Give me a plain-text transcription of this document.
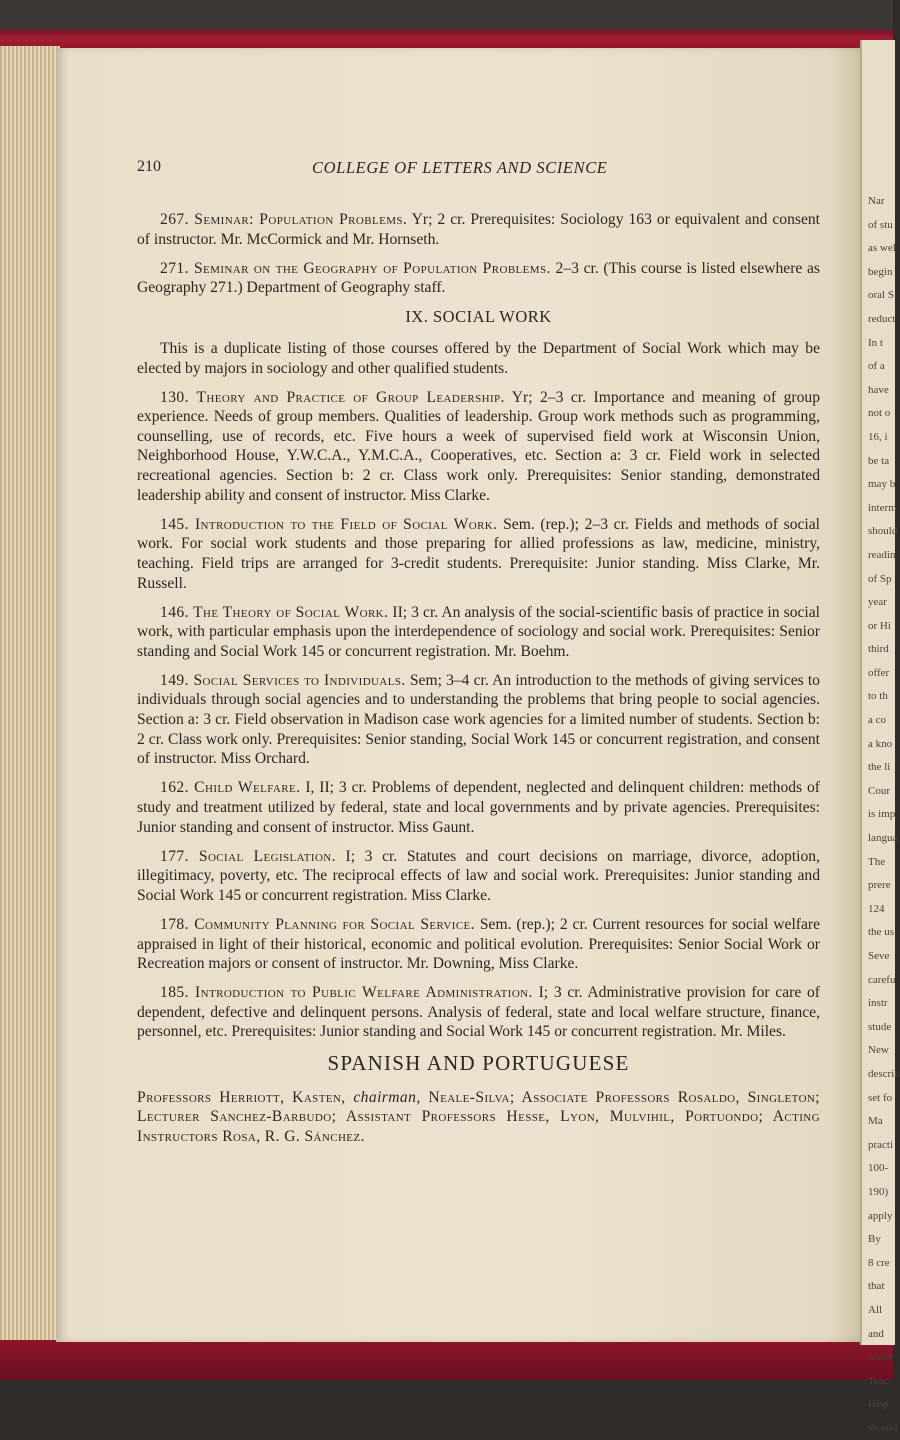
Nar
of stu
as wel
begin
oral S
reduct
In t
of a
have
not o
16, i
be ta
may b
interm
should
readin
of Sp
year
or Hi
third
offer
to th
a co
a kno
the li
Cour
is imp
langua
The
prere
124
the us
Seve
carefu
instr
stude
New
describ
set fo
Ma
practi
100-
190)
apply
By
8 cre
that
All
and
histor
Teac
Hisp
should
210	COLLEGE OF LETTERS AND SCIENCE

267. Seminar: Population Problems. Yr; 2 cr. Prerequisites: Sociology 163 or equivalent and consent of instructor. Mr. McCormick and Mr. Hornseth.

271. Seminar on the Geography of Population Problems. 2–3 cr. (This course is listed elsewhere as Geography 271.) Department of Geography staff.

IX. SOCIAL WORK

This is a duplicate listing of those courses offered by the Department of Social Work which may be elected by majors in sociology and other qualified students.

130. Theory and Practice of Group Leadership. Yr; 2–3 cr. Importance and meaning of group experience. Needs of group members. Qualities of leadership. Group work methods such as programming, counselling, use of records, etc. Five hours a week of supervised field work at Wisconsin Union, Neighborhood House, Y.W.C.A., Y.M.C.A., Cooperatives, etc. Section a: 3 cr. Field work in selected recreational agencies. Section b: 2 cr. Class work only. Prerequisites: Senior standing, demonstrated leadership ability and consent of instructor. Miss Clarke.

145. Introduction to the Field of Social Work. Sem. (rep.); 2–3 cr. Fields and methods of social work. For social work students and those preparing for allied professions as law, medicine, ministry, teaching. Field trips are arranged for 3-credit students. Prerequisite: Junior standing. Miss Clarke, Mr. Russell.

146. The Theory of Social Work. II; 3 cr. An analysis of the social-scientific basis of practice in social work, with particular emphasis upon the interdependence of sociology and social work. Prerequisites: Senior standing and Social Work 145 or concurrent registration. Mr. Boehm.

149. Social Services to Individuals. Sem; 3–4 cr. An introduction to the methods of giving services to individuals through social agencies and to understanding the problems that bring people to social agencies. Section a: 3 cr. Field observation in Madison case work agencies for a limited number of students. Section b: 2 cr. Class work only. Prerequisites: Senior standing, Social Work 145 or concurrent registration, and consent of instructor. Miss Orchard.

162. Child Welfare. I, II; 3 cr. Problems of dependent, neglected and delinquent children: methods of study and treatment utilized by federal, state and local governments and by private agencies. Prerequisites: Junior standing and consent of instructor. Miss Gaunt.

177. Social Legislation. I; 3 cr. Statutes and court decisions on marriage, divorce, adoption, illegitimacy, poverty, etc. The reciprocal effects of law and social work. Prerequisites: Junior standing and Social Work 145 or concurrent registration. Miss Clarke.

178. Community Planning for Social Service. Sem. (rep.); 2 cr. Current resources for social welfare appraised in light of their historical, economic and political evolution. Prerequisites: Senior Social Work or Recreation majors or consent of instructor. Mr. Downing, Miss Clarke.

185. Introduction to Public Welfare Administration. I; 3 cr. Administrative provision for care of dependent, defective and delinquent persons. Analysis of federal, state and local welfare structure, finance, personnel, etc. Prerequisites: Junior standing and Social Work 145 or concurrent registration. Mr. Miles.

SPANISH AND PORTUGUESE

Professors Herriott, Kasten, chairman, Neale-Silva; Associate Professors Rosaldo, Singleton; Lecturer Sanchez-Barbudo; Assistant Professors Hesse, Lyon, Mulvihil, Portuondo; Acting Instructors Rosa, R. G. Sánchez.
